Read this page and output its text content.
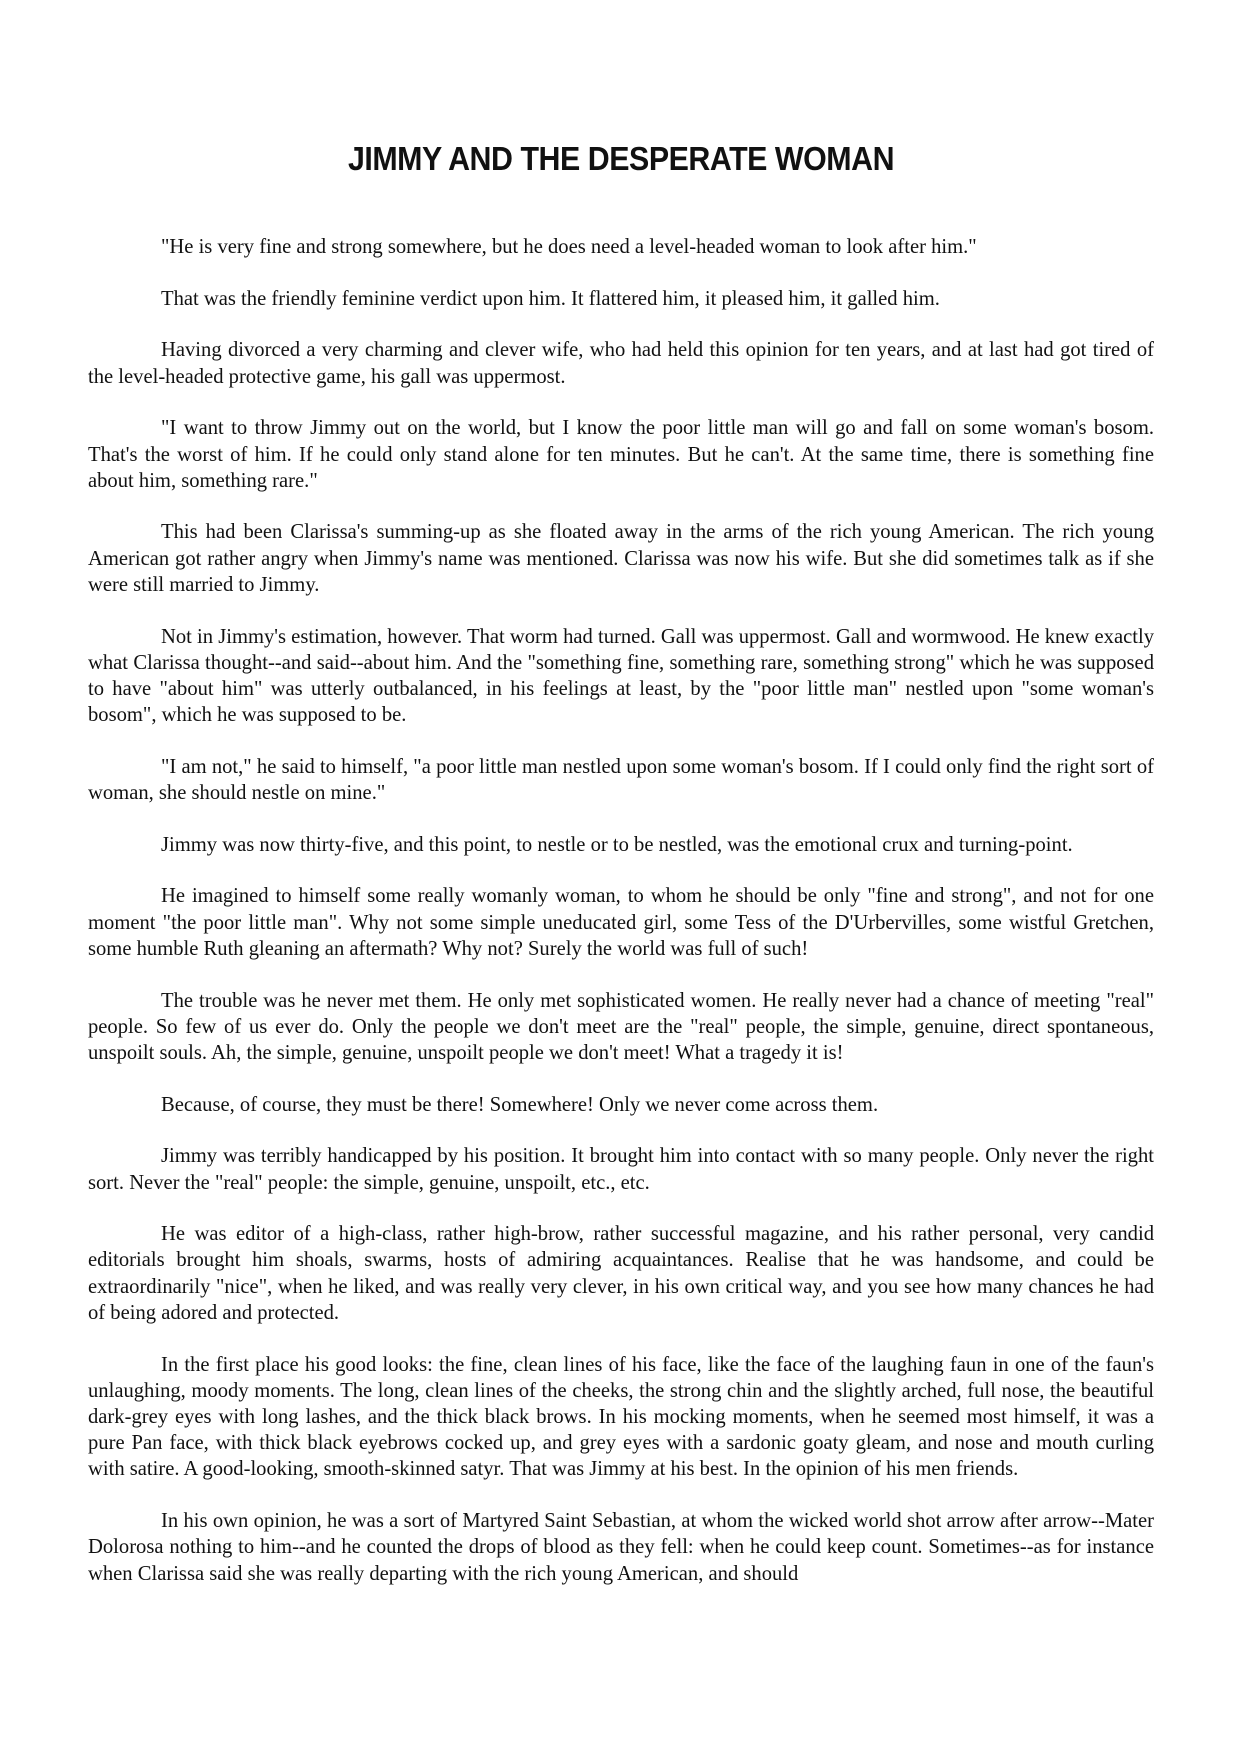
JIMMY AND THE DESPERATE WOMAN

"He is very fine and strong somewhere, but he does need a level-headed woman to look after him."

That was the friendly feminine verdict upon him. It flattered him, it pleased him, it galled him.

Having divorced a very charming and clever wife, who had held this opinion for ten years, and at last had got tired of the level-headed protective game, his gall was uppermost.

"I want to throw Jimmy out on the world, but I know the poor little man will go and fall on some woman's bosom. That's the worst of him. If he could only stand alone for ten minutes. But he can't. At the same time, there is something fine about him, something rare."

This had been Clarissa's summing-up as she floated away in the arms of the rich young American. The rich young American got rather angry when Jimmy's name was mentioned. Clarissa was now his wife. But she did sometimes talk as if she were still married to Jimmy.

Not in Jimmy's estimation, however. That worm had turned. Gall was uppermost. Gall and wormwood. He knew exactly what Clarissa thought--and said--about him. And the "something fine, something rare, something strong" which he was supposed to have "about him" was utterly outbalanced, in his feelings at least, by the "poor little man" nestled upon "some woman's bosom", which he was supposed to be.

"I am not," he said to himself, "a poor little man nestled upon some woman's bosom. If I could only find the right sort of woman, she should nestle on mine."

Jimmy was now thirty-five, and this point, to nestle or to be nestled, was the emotional crux and turning-point.

He imagined to himself some really womanly woman, to whom he should be only "fine and strong", and not for one moment "the poor little man". Why not some simple uneducated girl, some Tess of the D'Urbervilles, some wistful Gretchen, some humble Ruth gleaning an aftermath? Why not? Surely the world was full of such!

The trouble was he never met them. He only met sophisticated women. He really never had a chance of meeting "real" people. So few of us ever do. Only the people we don't meet are the "real" people, the simple, genuine, direct spontaneous, unspoilt souls. Ah, the simple, genuine, unspoilt people we don't meet! What a tragedy it is!

Because, of course, they must be there! Somewhere! Only we never come across them.

Jimmy was terribly handicapped by his position. It brought him into contact with so many people. Only never the right sort. Never the "real" people: the simple, genuine, unspoilt, etc., etc.

He was editor of a high-class, rather high-brow, rather successful magazine, and his rather personal, very candid editorials brought him shoals, swarms, hosts of admiring acquaintances. Realise that he was handsome, and could be extraordinarily "nice", when he liked, and was really very clever, in his own critical way, and you see how many chances he had of being adored and protected.

In the first place his good looks: the fine, clean lines of his face, like the face of the laughing faun in one of the faun's unlaughing, moody moments. The long, clean lines of the cheeks, the strong chin and the slightly arched, full nose, the beautiful dark-grey eyes with long lashes, and the thick black brows. In his mocking moments, when he seemed most himself, it was a pure Pan face, with thick black eyebrows cocked up, and grey eyes with a sardonic goaty gleam, and nose and mouth curling with satire. A good-looking, smooth-skinned satyr. That was Jimmy at his best. In the opinion of his men friends.

In his own opinion, he was a sort of Martyred Saint Sebastian, at whom the wicked world shot arrow after arrow--Mater Dolorosa nothing to him--and he counted the drops of blood as they fell: when he could keep count. Sometimes--as for instance when Clarissa said she was really departing with the rich young American, and should
